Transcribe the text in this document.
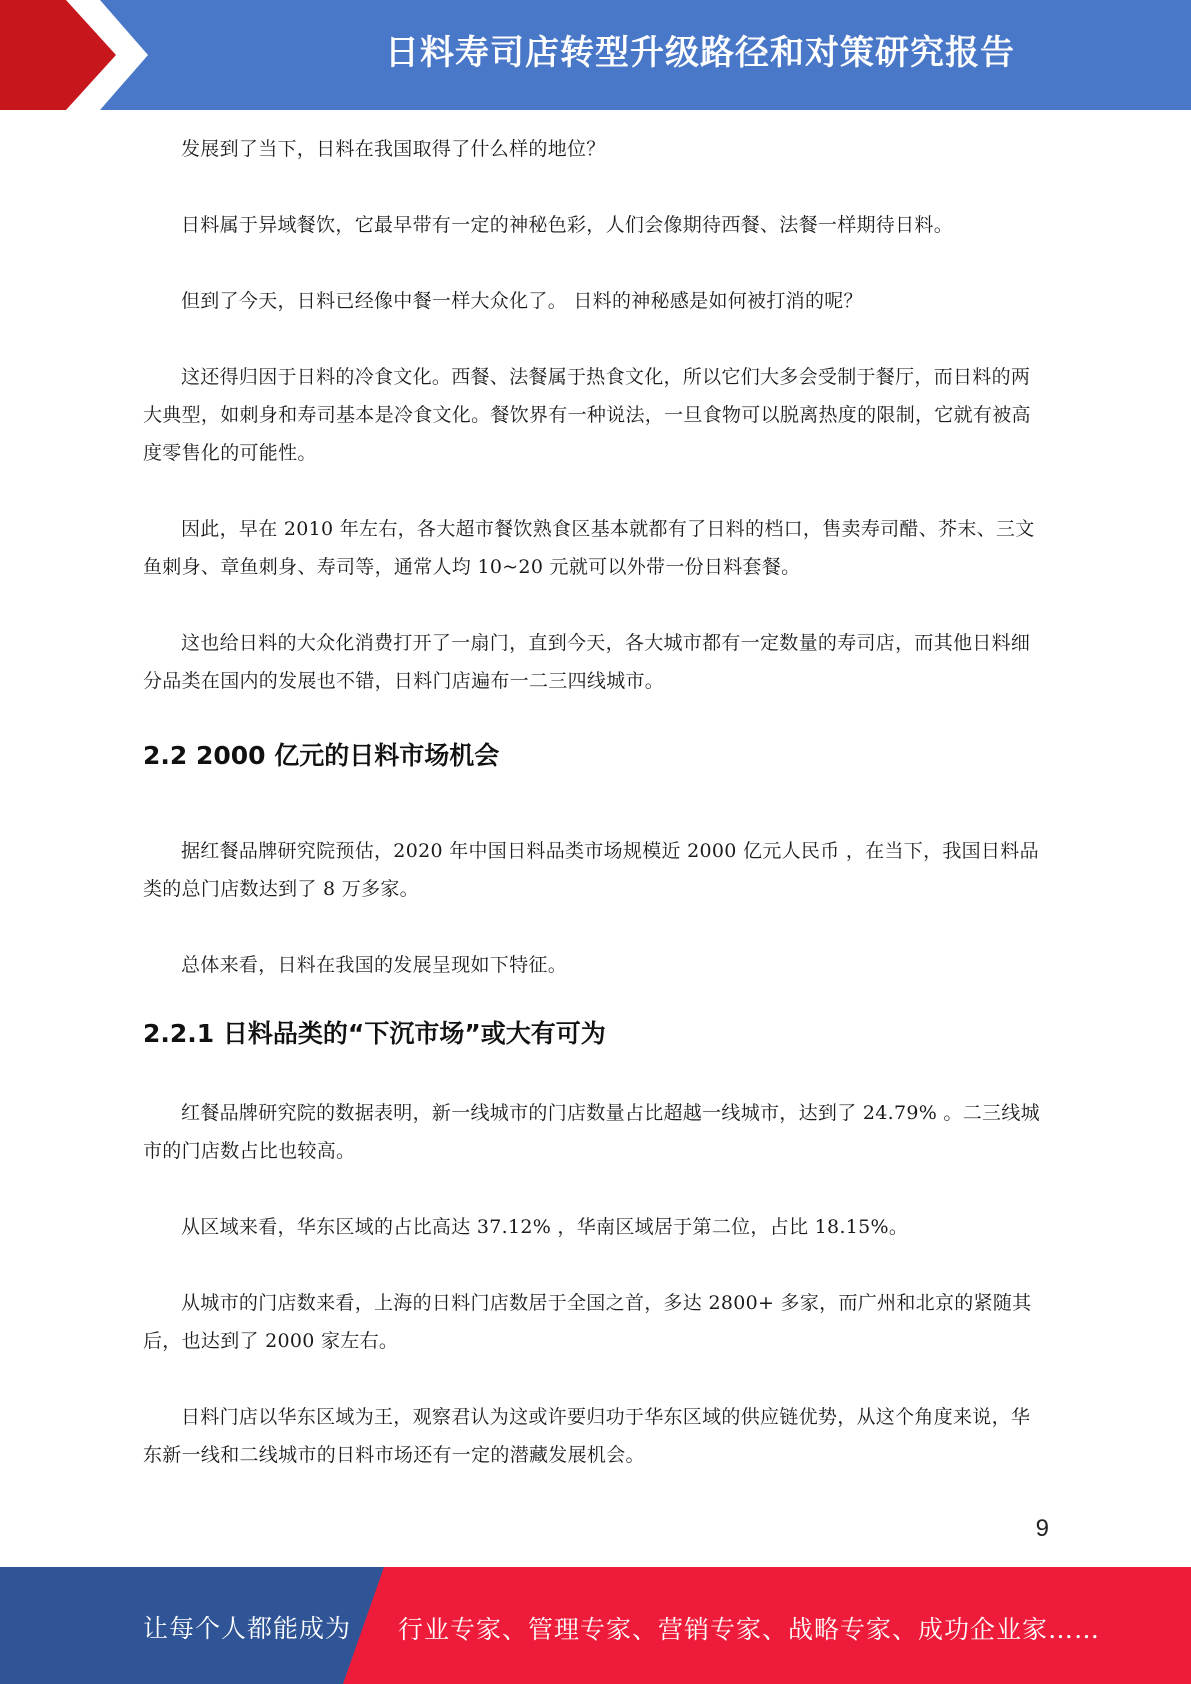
日料寿司店转型升级路径和对策研究报告

发展到了当下，日料在我国取得了什么样的地位？

日料属于异域餐饮，它最早带有一定的神秘色彩，人们会像期待西餐、法餐一样期待日料。

但到了今天，日料已经像中餐一样大众化了。 日料的神秘感是如何被打消的呢？

这还得归因于日料的冷食文化。西餐、法餐属于热食文化，所以它们大多会受制于餐厅，而日料的两大典型，如刺身和寿司基本是冷食文化。餐饮界有一种说法，一旦食物可以脱离热度的限制，它就有被高度零售化的可能性。

因此，早在 2010 年左右，各大超市餐饮熟食区基本就都有了日料的档口，售卖寿司醋、芥末、三文鱼刺身、章鱼刺身、寿司等，通常人均 10~20 元就可以外带一份日料套餐。

这也给日料的大众化消费打开了一扇门，直到今天，各大城市都有一定数量的寿司店，而其他日料细分品类在国内的发展也不错，日料门店遍布一二三四线城市。

2.2 2000 亿元的日料市场机会

据红餐品牌研究院预估，2020 年中国日料品类市场规模近 2000 亿元人民币 ，在当下，我国日料品类的总门店数达到了 8 万多家。

总体来看，日料在我国的发展呈现如下特征。

2.2.1 日料品类的“下沉市场”或大有可为

红餐品牌研究院的数据表明，新一线城市的门店数量占比超越一线城市，达到了 24.79% 。二三线城市的门店数占比也较高。

从区域来看，华东区域的占比高达 37.12% ，华南区域居于第二位，占比 18.15%。

从城市的门店数来看，上海的日料门店数居于全国之首，多达 2800+ 多家，而广州和北京的紧随其后，也达到了 2000 家左右。

日料门店以华东区域为王，观察君认为这或许要归功于华东区域的供应链优势，从这个角度来说，华东新一线和二线城市的日料市场还有一定的潜藏发展机会。

9
让每个人都能成为 行业专家、管理专家、营销专家、战略专家、成功企业家……
